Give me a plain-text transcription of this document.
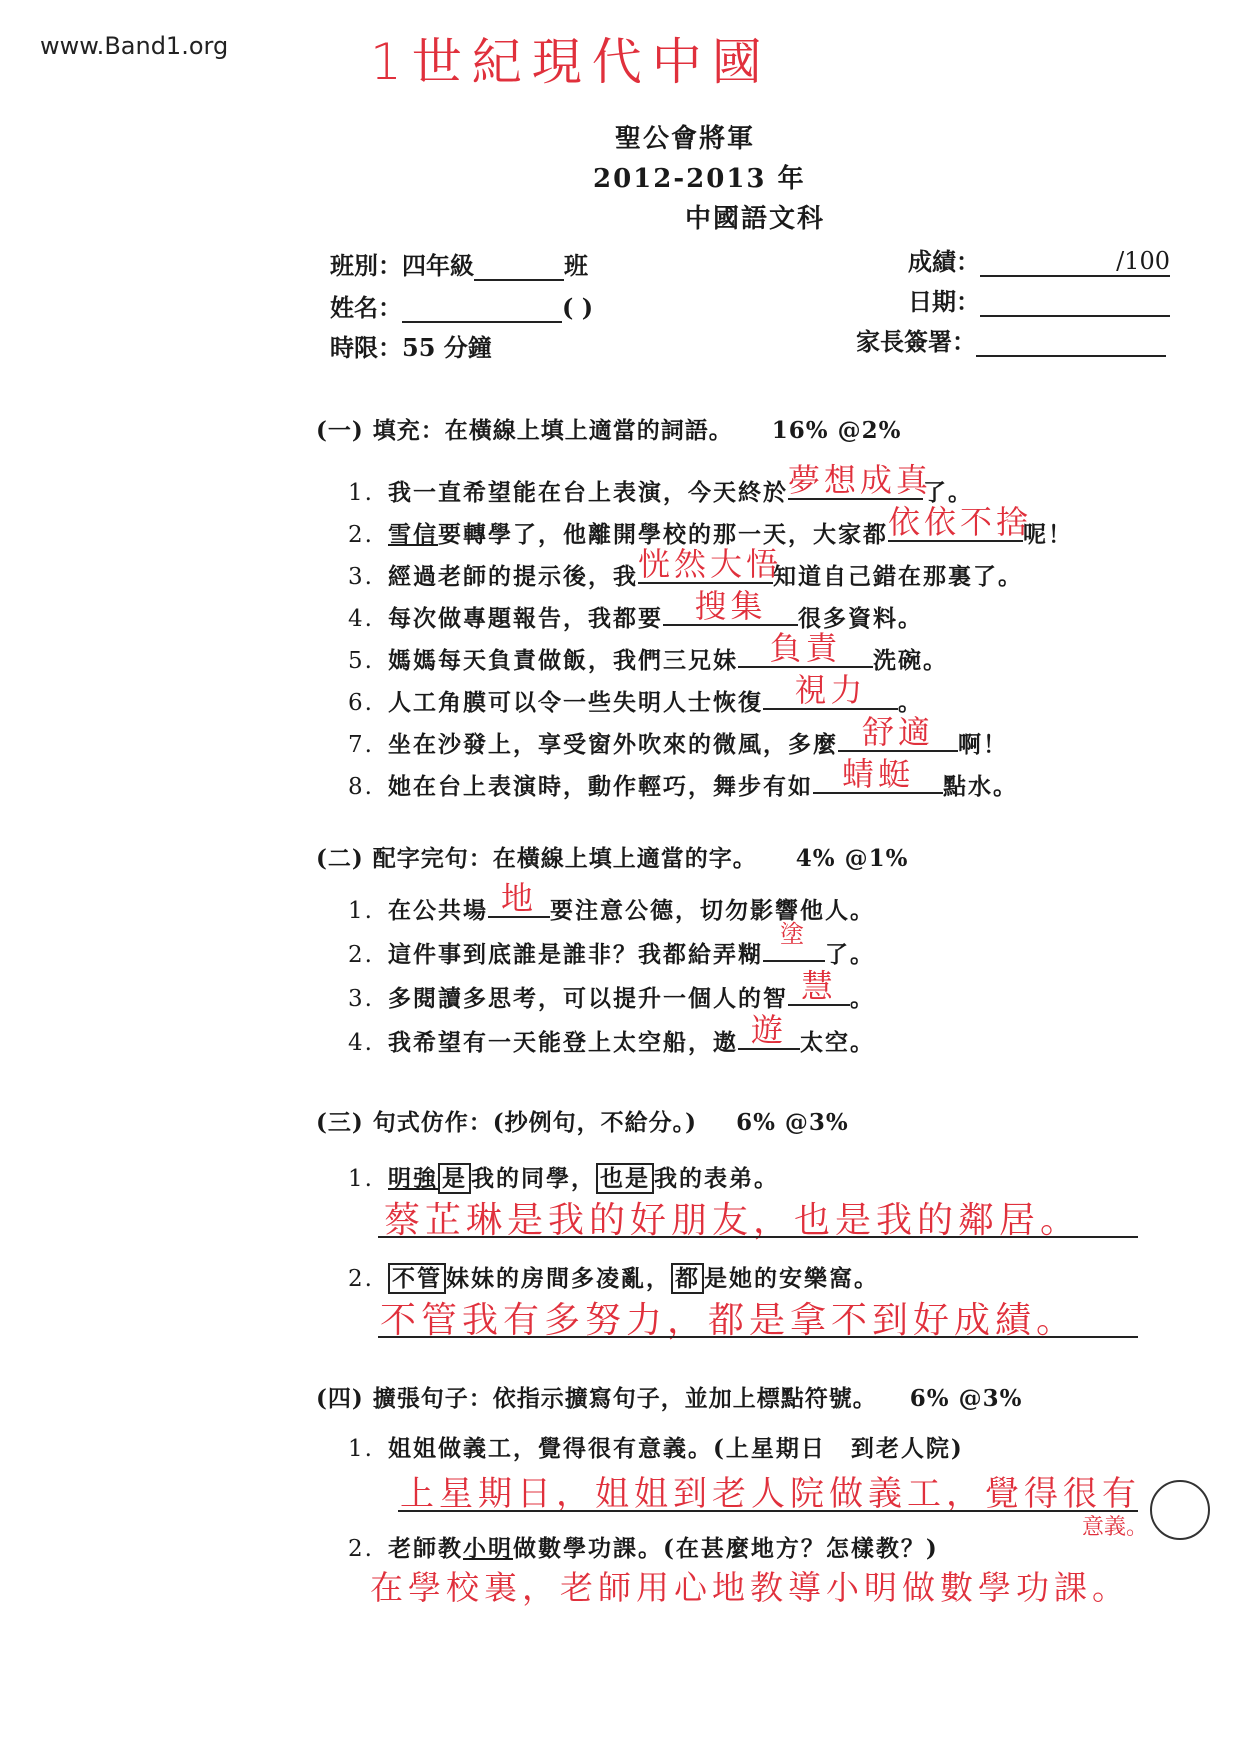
www.Band1.org	1世紀現代中國
聖公會將軍
2012-2013 年
中國語文科
班別：四年級	班
姓名：	( )
時限：55 分鐘
成績：	/100
日期：
家長簽署：
(一) 填充：在橫線上填上適當的詞語。 16% @2%
1. 我一直希望能在台上表演，今天終於 夢想成真
了。
2. 雪信要轉學了，他離開學校的那一天，大家都 依依不捨
呢！
3. 經過老師的提示後，我 恍然大悟
知道自己錯在那裏了。
4. 每次做專題報告，我都要 搜集	很多資料。
5. 媽媽每天負責做飯，我們三兄妹 負責	洗碗。
6. 人工角膜可以令一些失明人士恢復 視力	。
7. 坐在沙發上，享受窗外吹來的微風，多麼 舒適	啊！
8. 她在台上表演時，動作輕巧，舞步有如 蜻蜓	點水。
(二) 配字完句：在橫線上填上適當的字。 4% @1%
1. 在公共場 地 要注意公德，切勿影響他人。
2. 這件事到底誰是誰非？我都給弄糊
塗
了。
3. 多閱讀多思考，可以提升一個人的智 慧 。
4. 我希望有一天能登上太空船，遨 遊 太空。
(三) 句式仿作：(抄例句，不給分。) 6% @3%
1. 明強 是 我的同學， 也是 我的表弟。
蔡芷琳是我的好朋友，也是我的鄰居。
2. 不管 妹妹的房間多凌亂， 都 是她的安樂窩。
不管我有多努力，都是拿不到好成績。
(四) 擴張句子：依指示擴寫句子，並加上標點符號。 6% @3%
1. 姐姐做義工，覺得很有意義。(上星期日　到老人院)
上星期日，姐姐到老人院做義工，覺得很有
意義。
2. 老師教小明做數學功課。(在甚麼地方？怎樣教？)
在學校裏，老師用心地教導小明做數學功課。
